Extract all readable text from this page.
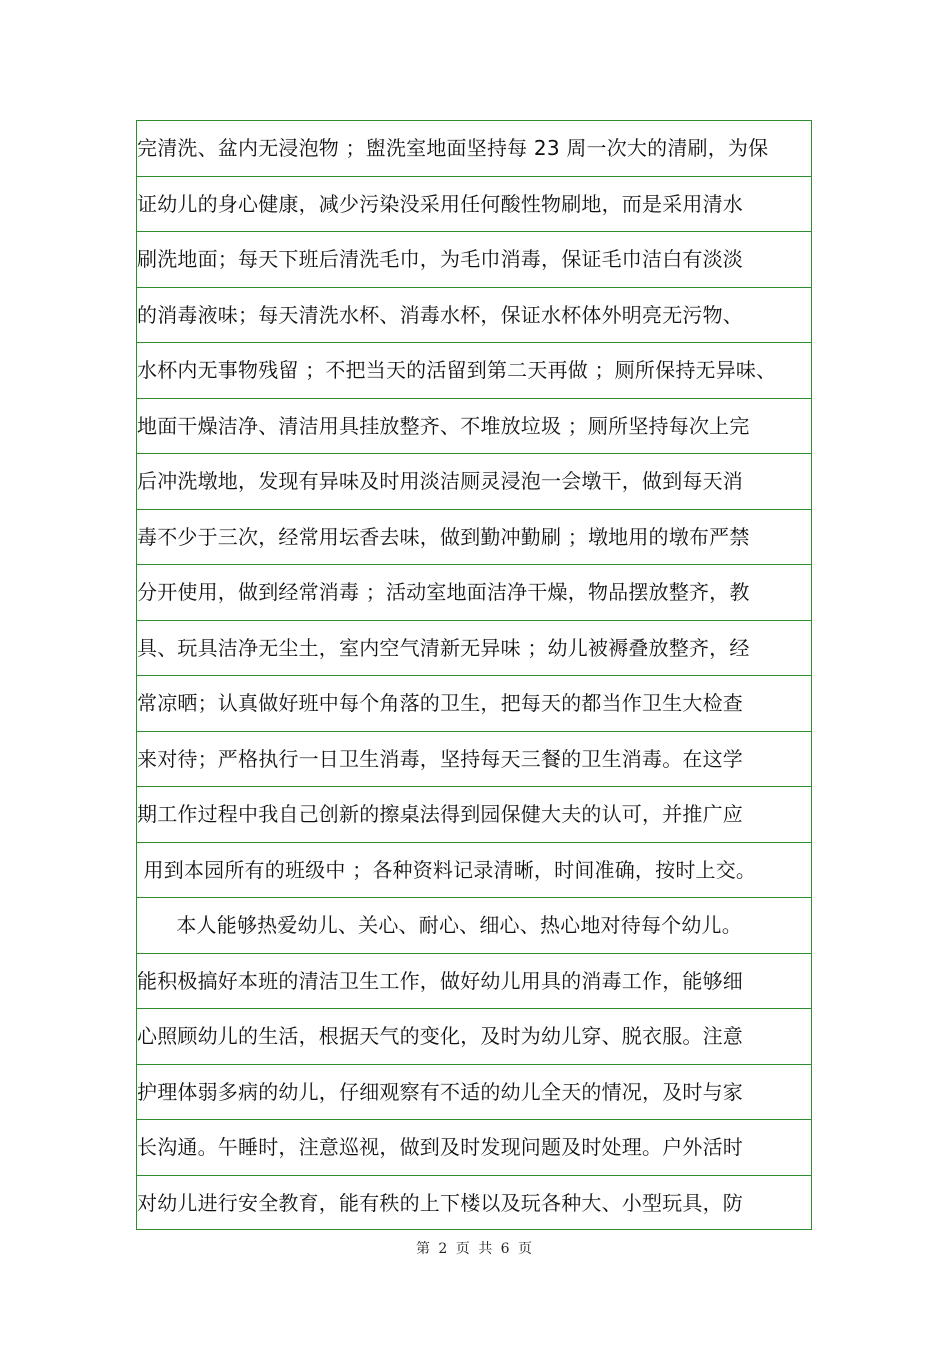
完清洗、盆内无浸泡物 ；盥洗室地面坚持每 23 周一次大的清刷，为保
证幼儿的身心健康，减少污染没采用任何酸性物刷地，而是采用清水
刷洗地面；每天下班后清洗毛巾，为毛巾消毒，保证毛巾洁白有淡淡
的消毒液味；每天清洗水杯、消毒水杯，保证水杯体外明亮无污物、
水杯内无事物残留 ；不把当天的活留到第二天再做 ；厕所保持无异味、
地面干燥洁净、清洁用具挂放整齐、不堆放垃圾 ；厕所坚持每次上完
后冲洗墩地，发现有异味及时用淡洁厕灵浸泡一会墩干，做到每天消
毒不少于三次，经常用坛香去味，做到勤冲勤刷 ；墩地用的墩布严禁
分开使用，做到经常消毒 ；活动室地面洁净干燥，物品摆放整齐，教
具、玩具洁净无尘土，室内空气清新无异味 ；幼儿被褥叠放整齐，经
常凉晒；认真做好班中每个角落的卫生，把每天的都当作卫生大检查
来对待；严格执行一日卫生消毒，坚持每天三餐的卫生消毒。在这学
期工作过程中我自己创新的擦桌法得到园保健大夫的认可，并推广应
用到本园所有的班级中 ；各种资料记录清晰，时间准确，按时上交。
本人能够热爱幼儿、关心、耐心、细心、热心地对待每个幼儿。
能积极搞好本班的清洁卫生工作，做好幼儿用具的消毒工作，能够细
心照顾幼儿的生活，根据天气的变化，及时为幼儿穿、脱衣服。注意
护理体弱多病的幼儿，仔细观察有不适的幼儿全天的情况，及时与家
长沟通。午睡时，注意巡视，做到及时发现问题及时处理。户外活时
对幼儿进行安全教育，能有秩的上下楼以及玩各种大、小型玩具，防
第 2 页 共 6 页
